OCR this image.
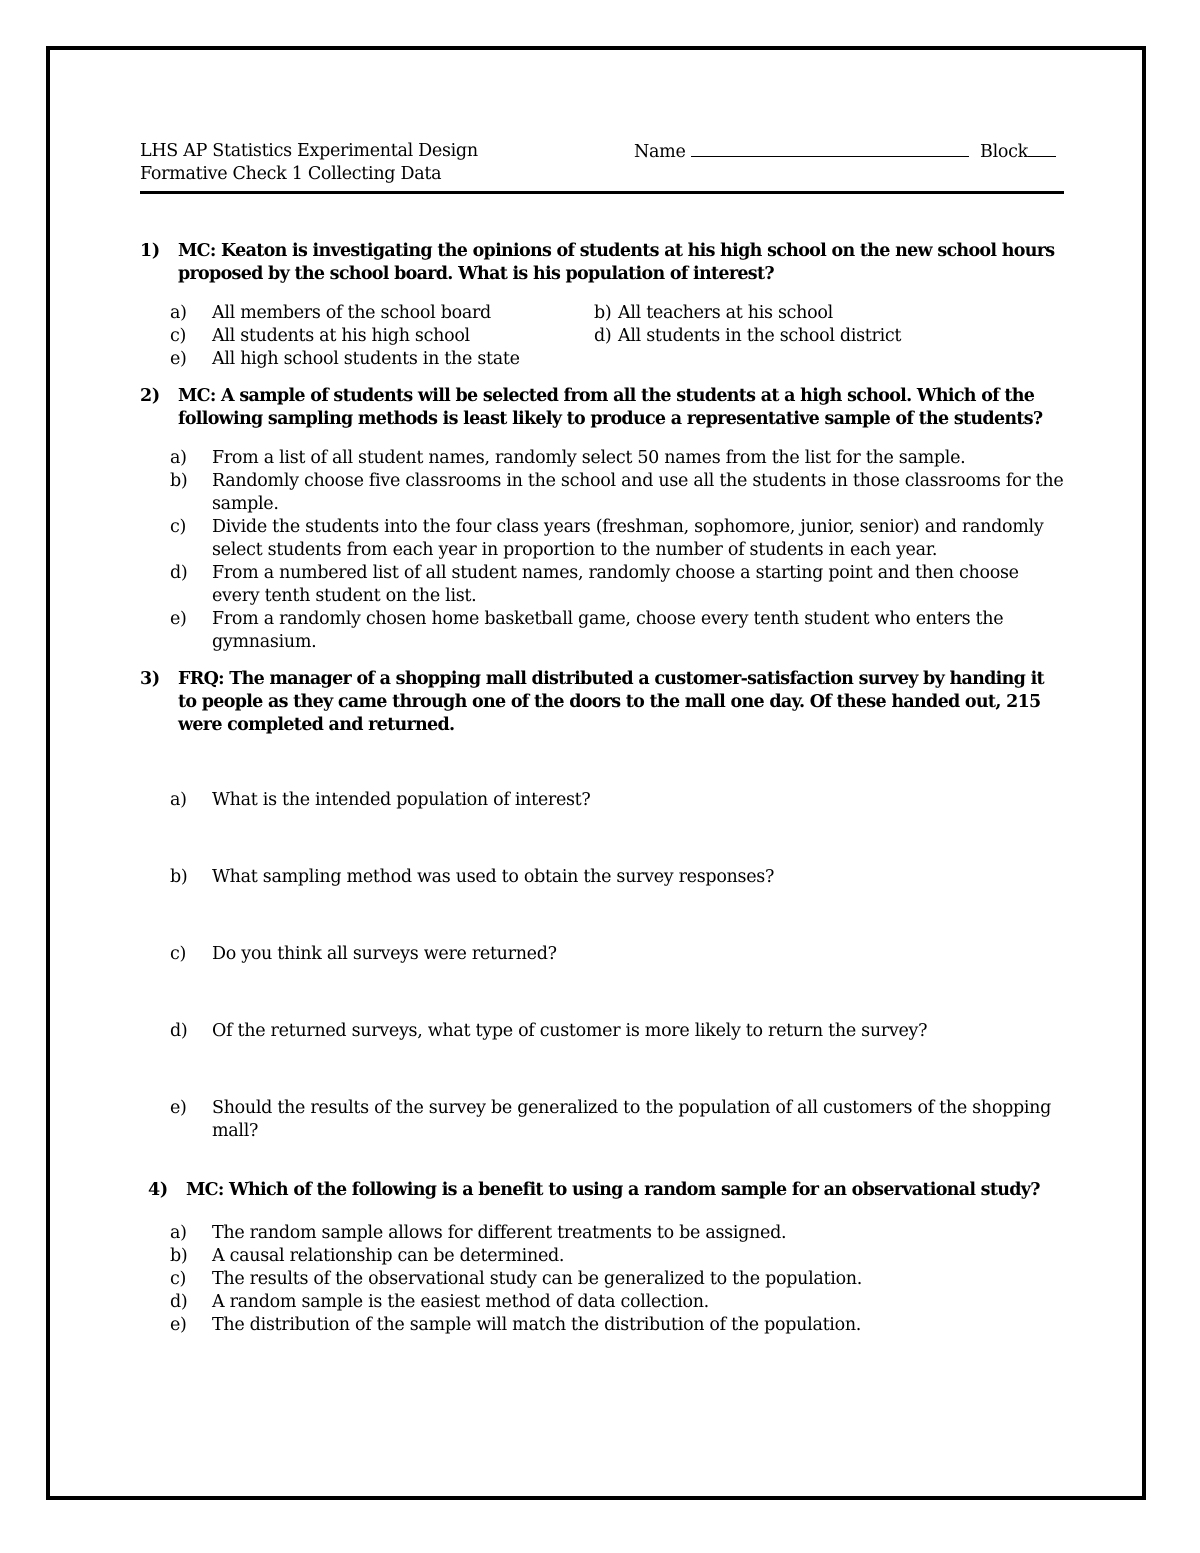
LHS AP Statistics Experimental Design
Formative Check 1 Collecting Data
Name	Block
1) MC: Keaton is investigating the opinions of students at his high school on the new school hours proposed by the school board. What is his population of interest?
a) All members of the school board	b) All teachers at his school
c) All students at his high school	d) All students in the school district
e) All high school students in the state
2) MC: A sample of students will be selected from all the students at a high school. Which of the following sampling methods is least likely to produce a representative sample of the students?
a) From a list of all student names, randomly select 50 names from the list for the sample.
b) Randomly choose five classrooms in the school and use all the students in those classrooms for the sample.
c) Divide the students into the four class years (freshman, sophomore, junior, senior) and randomly select students from each year in proportion to the number of students in each year.
d) From a numbered list of all student names, randomly choose a starting point and then choose every tenth student on the list.
e) From a randomly chosen home basketball game, choose every tenth student who enters the gymnasium.
3) FRQ: The manager of a shopping mall distributed a customer-satisfaction survey by handing it to people as they came through one of the doors to the mall one day. Of these handed out, 215 were completed and returned.
a) What is the intended population of interest?
b) What sampling method was used to obtain the survey responses?
c) Do you think all surveys were returned?
d) Of the returned surveys, what type of customer is more likely to return the survey?
e) Should the results of the survey be generalized to the population of all customers of the shopping mall?
4) MC: Which of the following is a benefit to using a random sample for an observational study?
a) The random sample allows for different treatments to be assigned.
b) A causal relationship can be determined.
c) The results of the observational study can be generalized to the population.
d) A random sample is the easiest method of data collection.
e) The distribution of the sample will match the distribution of the population.
